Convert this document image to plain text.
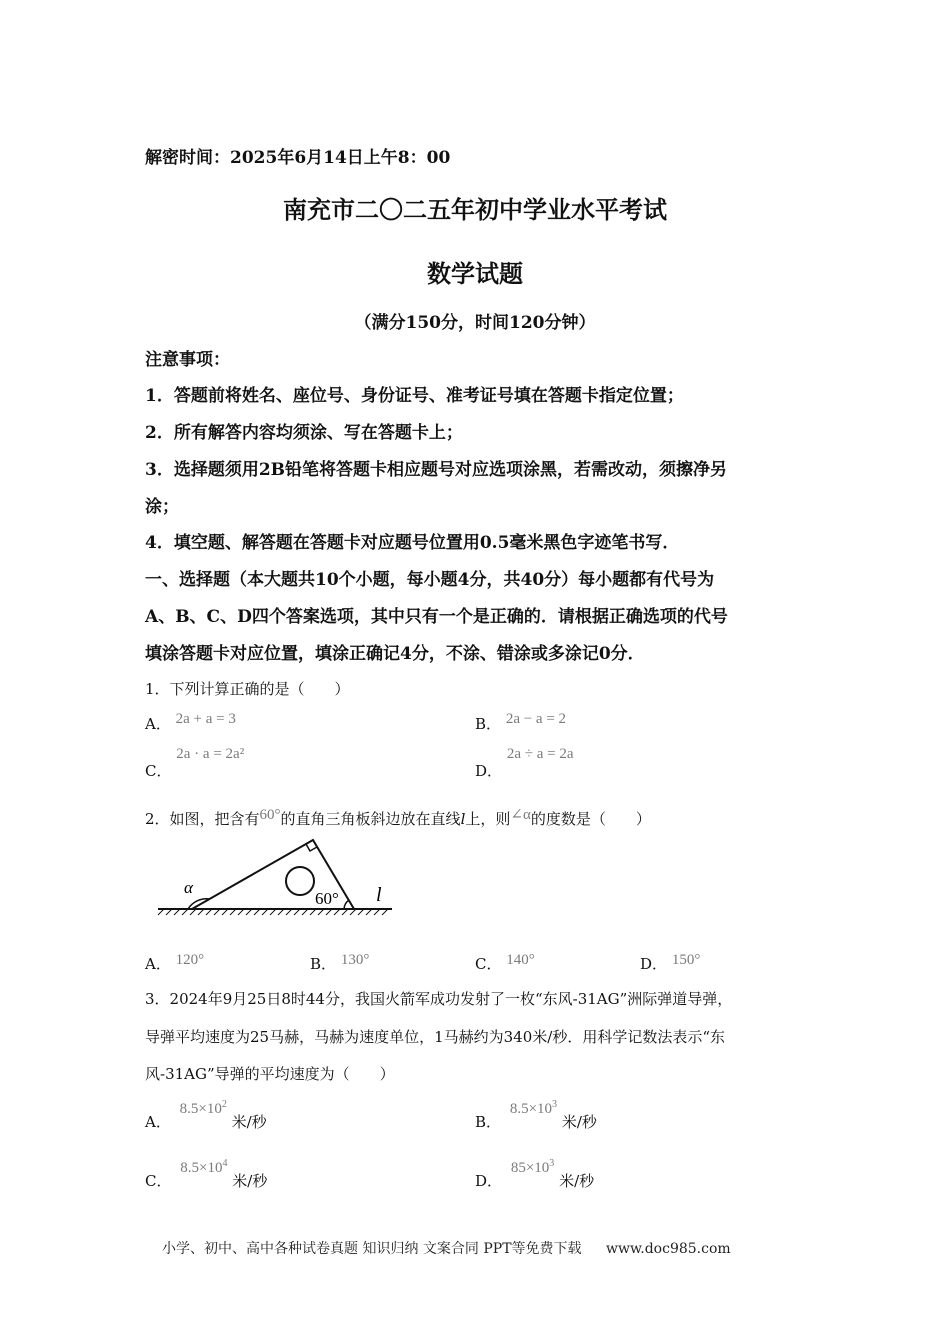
解密时间：2025年6月14日上午8：00
南充市二〇二五年初中学业水平考试
数学试题
（满分150分，时间120分钟）
注意事项：
1．答题前将姓名、座位号、身份证号、准考证号填在答题卡指定位置；
2．所有解答内容均须涂、写在答题卡上；
3．选择题须用2B铅笔将答题卡相应题号对应选项涂黑，若需改动，须擦净另
涂；
4．填空题、解答题在答题卡对应题号位置用0.5毫米黑色字迹笔书写．
一、选择题（本大题共10个小题，每小题4分，共40分）每小题都有代号为
A、B、C、D四个答案选项，其中只有一个是正确的．请根据正确选项的代号
填涂答题卡对应位置，填涂正确记4分，不涂、错涂或多涂记0分．
1．下列计算正确的是（　　）
A． 2a + a = 3	B． 2a − a = 2
C． 2a · a = 2a²
D． 2a ÷ a = 2a
2．如图，把含有60°的直角三角板斜边放在直线l上，则∠α的度数是（　　）
α
60° l
A． 120°	B． 130°	C． 140°	D． 150°
3．2024年9月25日8时44分，我国火箭军成功发射了一枚“东风-31AG”洲际弹道导弹，
导弹平均速度为25马赫，马赫为速度单位，1马赫约为340米/秒．用科学记数法表示“东
风-31AG”导弹的平均速度为（　　）
A． $8.5\times 10^2$ 米/秒	B． $8.5\times 10^3$ 米/秒
C． $8.5\times 10^4$ 米/秒	D． $85\times 10^3$ 米/秒
小学、初中、高中各种试卷真题 知识归纳 文案合同 PPT等免费下载 www.doc985.com
